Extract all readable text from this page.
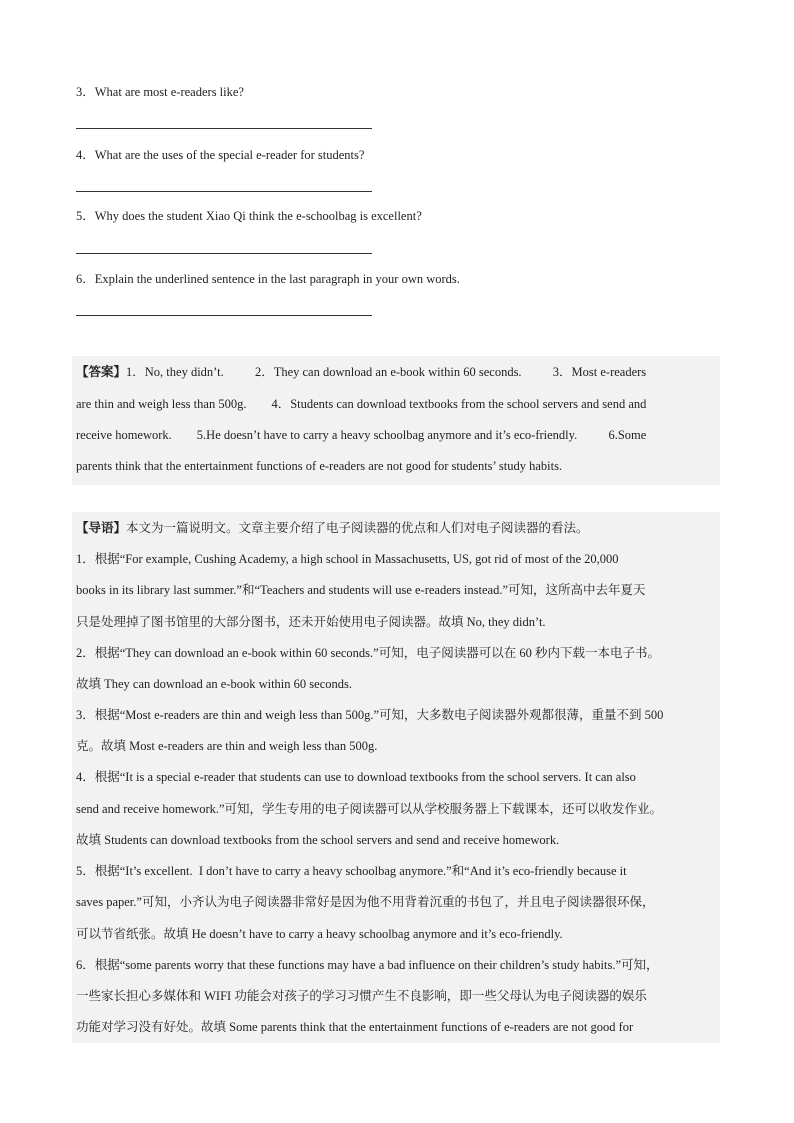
3．What are most e-readers like?
4．What are the uses of the special e-reader for students?
5．Why does the student Xiao Qi think the e-schoolbag is excellent?
6．Explain the underlined sentence in the last paragraph in your own words.
【答案】1．No, they didn’t.          2．They can download an e-book within 60 seconds.          3．Most e-readers
are thin and weigh less than 500g.        4．Students can download textbooks from the school servers and send and
receive homework.        5.He doesn’t have to carry a heavy schoolbag anymore and it’s eco-friendly.          6.Some
parents think that the entertainment functions of e-readers are not good for students’ study habits.
【导语】本文为一篇说明文。文章主要介绍了电子阅读器的优点和人们对电子阅读器的看法。
1．根据“For example, Cushing Academy, a high school in Massachusetts, US, got rid of most of the 20,000
books in its library last summer.”和“Teachers and students will use e-readers instead.”可知，这所高中去年夏天
只是处理掉了图书馆里的大部分图书，还未开始使用电子阅读器。故填 No, they didn’t.
2．根据“They can download an e-book within 60 seconds.”可知，电子阅读器可以在 60 秒内下载一本电子书。
故填 They can download an e-book within 60 seconds.
3．根据“Most e-readers are thin and weigh less than 500g.”可知，大多数电子阅读器外观都很薄，重量不到 500
克。故填 Most e-readers are thin and weigh less than 500g.
4．根据“It is a special e-reader that students can use to download textbooks from the school servers. It can also
send and receive homework.”可知，学生专用的电子阅读器可以从学校服务器上下载课本，还可以收发作业。
故填 Students can download textbooks from the school servers and send and receive homework.
5．根据“It’s excellent.  I don’t have to carry a heavy schoolbag anymore.”和“And it’s eco-friendly because it
saves paper.”可知，小齐认为电子阅读器非常好是因为他不用背着沉重的书包了，并且电子阅读器很环保，
可以节省纸张。故填 He doesn’t have to carry a heavy schoolbag anymore and it’s eco-friendly.
6．根据“some parents worry that these functions may have a bad influence on their children’s study habits.”可知，
一些家长担心多媒体和 WIFI 功能会对孩子的学习习惯产生不良影响，即一些父母认为电子阅读器的娱乐
功能对学习没有好处。故填 Some parents think that the entertainment functions of e-readers are not good for
